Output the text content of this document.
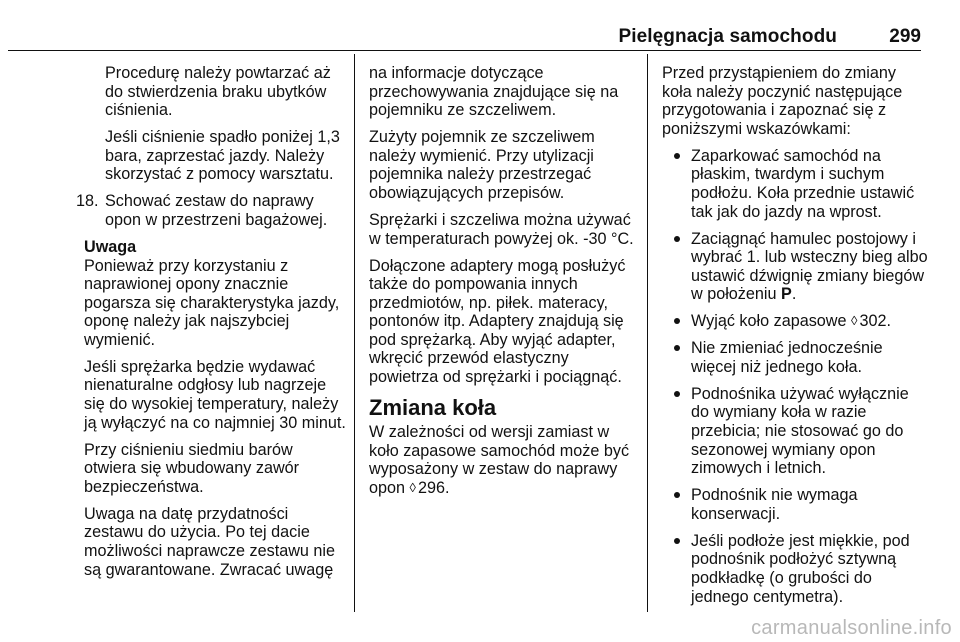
Pielęgnacja samochodu	299

Procedurę należy powtarzać aż do stwierdzenia braku ubytków ciśnienia.

Jeśli ciśnienie spadło poniżej 1,3 bara, zaprzestać jazdy. Należy skorzystać z pomocy warsztatu.

18. Schować zestaw do naprawy opon w przestrzeni bagażowej.

Uwaga

Ponieważ przy korzystaniu z naprawionej opony znacznie pogarsza się charakterystyka jazdy, oponę należy jak najszybciej wymienić.

Jeśli sprężarka będzie wydawać nienaturalne odgłosy lub nagrzeje się do wysokiej temperatury, należy ją wyłączyć na co najmniej 30 minut.

Przy ciśnieniu siedmiu barów otwiera się wbudowany zawór bezpieczeństwa.

Uwaga na datę przydatności zestawu do użycia. Po tej dacie możliwości naprawcze zestawu nie są gwarantowane. Zwracać uwagę

na informacje dotyczące przechowywania znajdujące się na pojemniku ze szczeliwem.

Zużyty pojemnik ze szczeliwem należy wymienić. Przy utylizacji pojemnika należy przestrzegać obowiązujących przepisów.

Sprężarki i szczeliwa można używać w temperaturach powyżej ok. -30 °C.

Dołączone adaptery mogą posłużyć także do pompowania innych przedmiotów, np. piłek. materacy, pontonów itp. Adaptery znajdują się pod sprężarką. Aby wyjąć adapter, wkręcić przewód elastyczny powietrza od sprężarki i pociągnąć.

Zmiana koła

W zależności od wersji zamiast w koło zapasowe samochód może być wyposażony w zestaw do naprawy opon ◊ 296.

Przed przystąpieniem do zmiany koła należy poczynić następujące przygotowania i zapoznać się z poniższymi wskazówkami:

Zaparkować samochód na płaskim, twardym i suchym podłożu. Koła przednie ustawić tak jak do jazdy na wprost.
Zaciągnąć hamulec postojowy i wybrać 1. lub wsteczny bieg albo ustawić dźwignię zmiany biegów w położeniu P.
Wyjąć koło zapasowe ◊ 302.
Nie zmieniać jednocześnie więcej niż jednego koła.
Podnośnika używać wyłącznie do wymiany koła w razie przebicia; nie stosować go do sezonowej wymiany opon zimowych i letnich.
Podnośnik nie wymaga konserwacji.
Jeśli podłoże jest miękkie, pod podnośnik podłożyć sztywną podkładkę (o grubości do jednego centymetra).
carmanualsonline.info
